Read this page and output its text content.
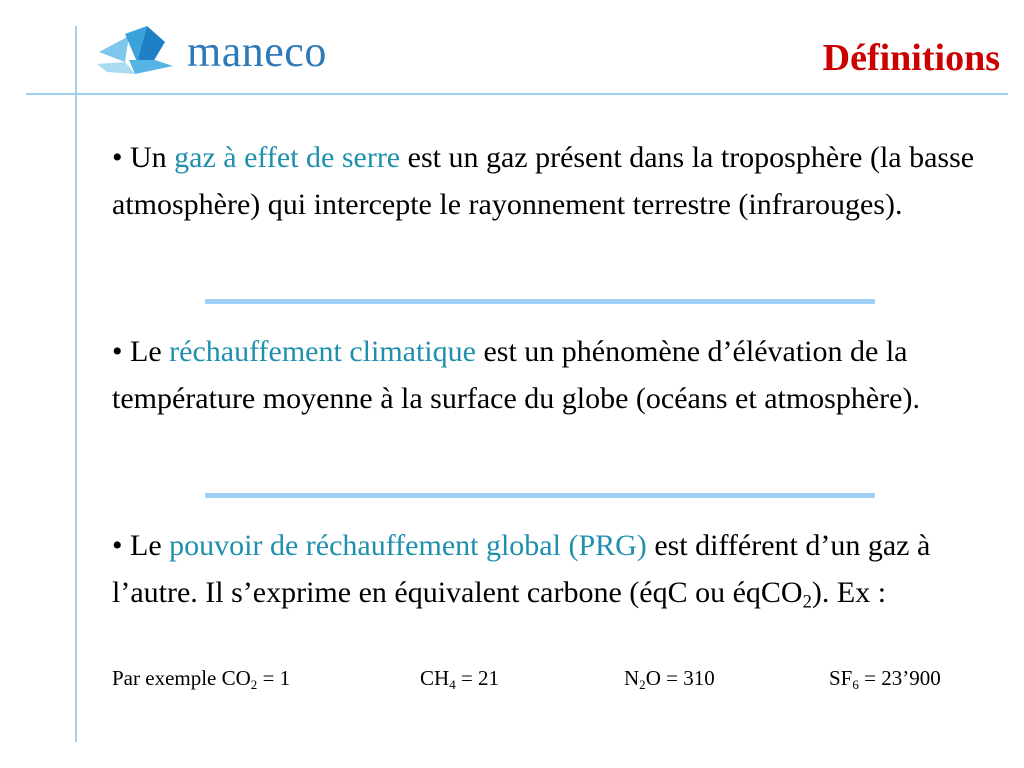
maneco	Définitions
• Un gaz à effet de serre est un gaz présent dans la troposphère (la basse atmosphère) qui intercepte le rayonnement terrestre (infrarouges).
• Le réchauffement climatique est un phénomène d’élévation de la température moyenne à la surface du globe (océans et atmosphère).
• Le pouvoir de réchauffement global (PRG) est différent d’un gaz à l’autre. Il s’exprime en équivalent carbone (éqC ou éqCO$_2$). Ex :
Par exemple $CO_2 = 1$	$CH_4 = 21$	$N_2O = 310$	$SF_6$ = 23’900
